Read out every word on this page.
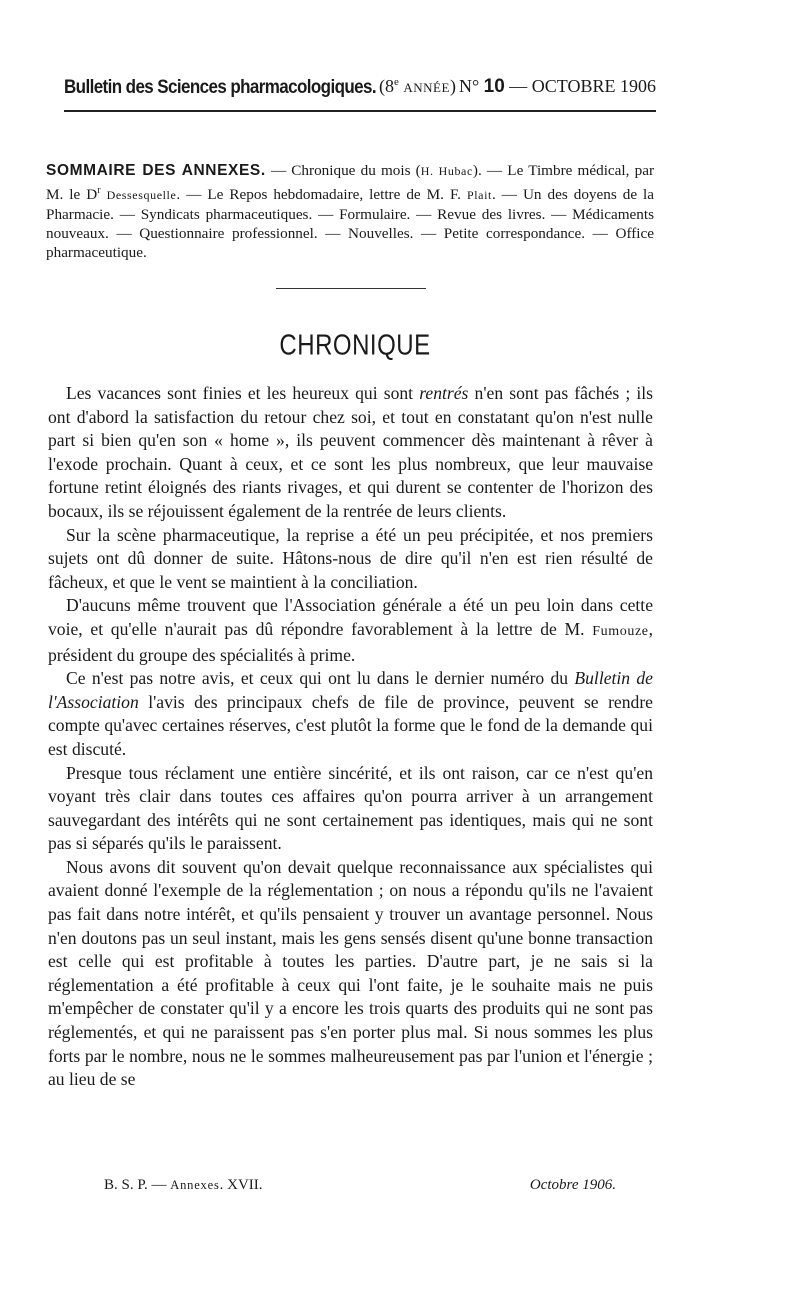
Bulletin des Sciences pharmacologiques. (8e ANNÉE) N° 10 — OCTOBRE 1906
SOMMAIRE DES ANNEXES. — Chronique du mois (H. Hubac). — Le Timbre médical, par M. le $D^r$ Dessesquelle. — Le Repos hebdomadaire, lettre de M. F. Plait. — Un des doyens de la Pharmacie. — Syndicats pharmaceutiques. — Formulaire. — Revue des livres. — Médicaments nouveaux. — Questionnaire professionnel. — Nouvelles. — Petite correspondance. — Office pharmaceutique.
CHRONIQUE

Les vacances sont finies et les heureux qui sont rentrés n'en sont pas fâchés ; ils ont d'abord la satisfaction du retour chez soi, et tout en constatant qu'on n'est nulle part si bien qu'en son « home », ils peuvent commencer dès maintenant à rêver à l'exode prochain. Quant à ceux, et ce sont les plus nombreux, que leur mauvaise fortune retint éloignés des riants rivages, et qui durent se contenter de l'horizon des bocaux, ils se réjouissent également de la rentrée de leurs clients.

Sur la scène pharmaceutique, la reprise a été un peu précipitée, et nos premiers sujets ont dû donner de suite. Hâtons-nous de dire qu'il n'en est rien résulté de fâcheux, et que le vent se maintient à la conciliation.

D'aucuns même trouvent que l'Association générale a été un peu loin dans cette voie, et qu'elle n'aurait pas dû répondre favorablement à la lettre de M. Fumouze, président du groupe des spécialités à prime.

Ce n'est pas notre avis, et ceux qui ont lu dans le dernier numéro du Bulletin de l'Association l'avis des principaux chefs de file de province, peuvent se rendre compte qu'avec certaines réserves, c'est plutôt la forme que le fond de la demande qui est discuté.

Presque tous réclament une entière sincérité, et ils ont raison, car ce n'est qu'en voyant très clair dans toutes ces affaires qu'on pourra arriver à un arrangement sauvegardant des intérêts qui ne sont certainement pas identiques, mais qui ne sont pas si séparés qu'ils le paraissent.

Nous avons dit souvent qu'on devait quelque reconnaissance aux spécialistes qui avaient donné l'exemple de la réglementation ; on nous a répondu qu'ils ne l'avaient pas fait dans notre intérêt, et qu'ils pensaient y trouver un avantage personnel. Nous n'en doutons pas un seul instant, mais les gens sensés disent qu'une bonne transaction est celle qui est profitable à toutes les parties. D'autre part, je ne sais si la réglementation a été profitable à ceux qui l'ont faite, je le souhaite mais ne puis m'empêcher de constater qu'il y a encore les trois quarts des produits qui ne sont pas réglementés, et qui ne paraissent pas s'en porter plus mal. Si nous sommes les plus forts par le nombre, nous ne le sommes malheureusement pas par l'union et l'énergie ; au lieu de se

B. S. P. — Annexes. XVII.	Octobre 1906.
